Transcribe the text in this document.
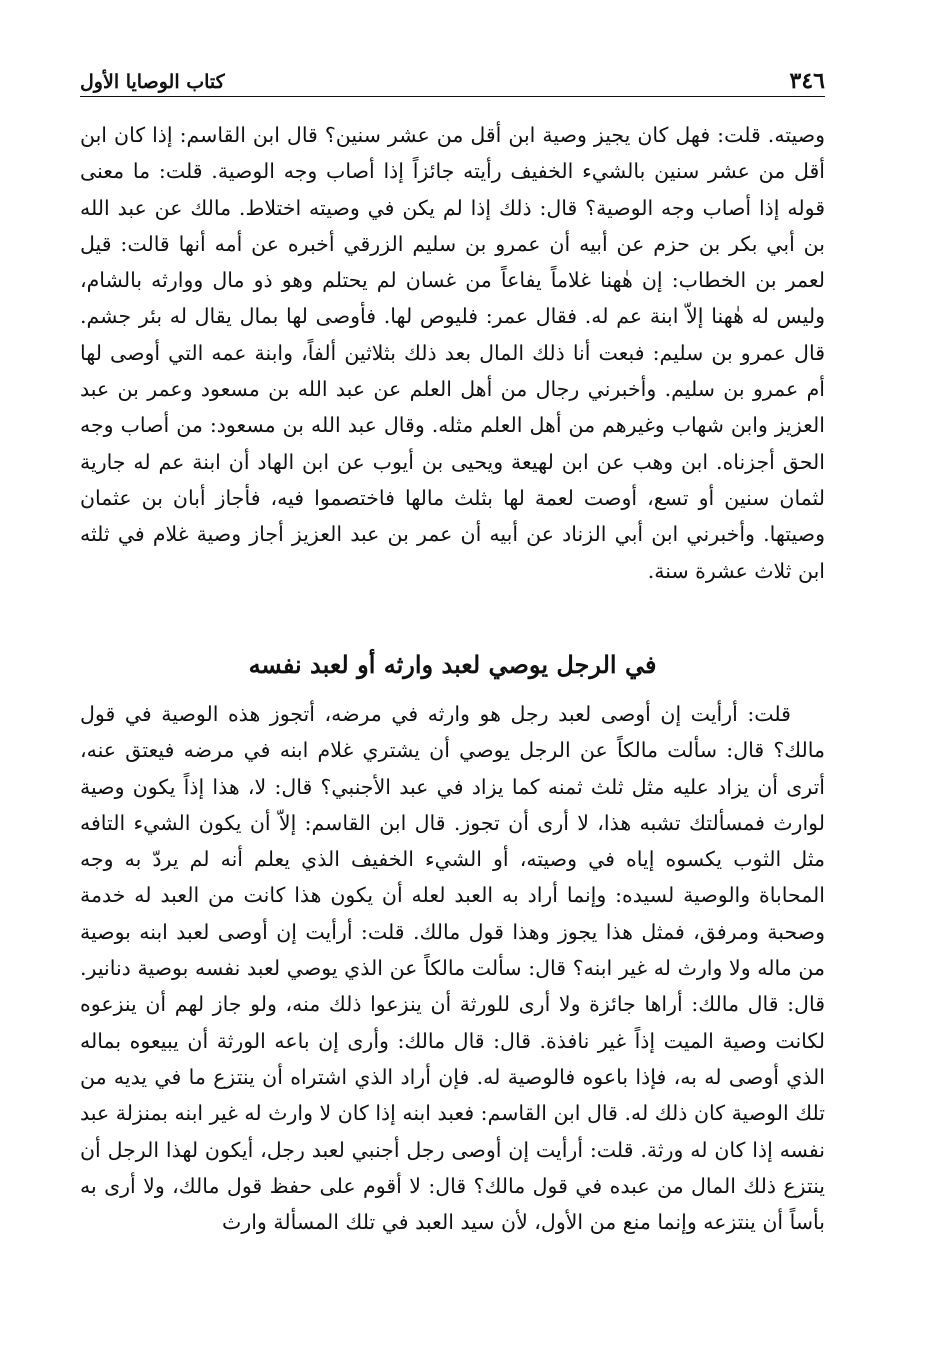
٣٤٦
كتاب الوصايا الأول

وصيته. قلت: فهل كان يجيز وصية ابن أقل من عشر سنين؟ قال ابن القاسم: إذا كان ابن أقل من عشر سنين بالشيء الخفيف رأيته جائزاً إذا أصاب وجه الوصية. قلت: ما معنى قوله إذا أصاب وجه الوصية؟ قال: ذلك إذا لم يكن في وصيته اختلاط. مالك عن عبد الله بن أبي بكر بن حزم عن أبيه أن عمرو بن سليم الزرقي أخبره عن أمه أنها قالت: قيل لعمر بن الخطاب: إن هٰهنا غلاماً يفاعاً من غسان لم يحتلم وهو ذو مال ووارثه بالشام، وليس له هٰهنا إلاّ ابنة عم له. فقال عمر: فليوص لها. فأوصى لها بمال يقال له بئر جشم. قال عمرو بن سليم: فبعت أنا ذلك المال بعد ذلك بثلاثين ألفاً، وابنة عمه التي أوصى لها أم عمرو بن سليم. وأخبرني رجال من أهل العلم عن عبد الله بن مسعود وعمر بن عبد العزيز وابن شهاب وغيرهم من أهل العلم مثله. وقال عبد الله بن مسعود: من أصاب وجه الحق أجزناه. ابن وهب عن ابن لهيعة ويحيى بن أيوب عن ابن الهاد أن ابنة عم له جارية لثمان سنين أو تسع، أوصت لعمة لها بثلث مالها فاختصموا فيه، فأجاز أبان بن عثمان وصيتها. وأخبرني ابن أبي الزناد عن أبيه أن عمر بن عبد العزيز أجاز وصية غلام في ثلثه ابن ثلاث عشرة سنة.

في الرجل يوصي لعبد وارثه أو لعبد نفسه

قلت: أرأيت إن أوصى لعبد رجل هو وارثه في مرضه، أتجوز هذه الوصية في قول مالك؟ قال: سألت مالكاً عن الرجل يوصي أن يشتري غلام ابنه في مرضه فيعتق عنه، أترى أن يزاد عليه مثل ثلث ثمنه كما يزاد في عبد الأجنبي؟ قال: لا، هذا إذاً يكون وصية لوارث فمسألتك تشبه هذا، لا أرى أن تجوز. قال ابن القاسم: إلاّ أن يكون الشيء التافه مثل الثوب يكسوه إياه في وصيته، أو الشيء الخفيف الذي يعلم أنه لم يردّ به وجه المحاباة والوصية لسيده: وإنما أراد به العبد لعله أن يكون هذا كانت من العبد له خدمة وصحبة ومرفق، فمثل هذا يجوز وهذا قول مالك. قلت: أرأيت إن أوصى لعبد ابنه بوصية من ماله ولا وارث له غير ابنه؟ قال: سألت مالكاً عن الذي يوصي لعبد نفسه بوصية دنانير. قال: قال مالك: أراها جائزة ولا أرى للورثة أن ينزعوا ذلك منه، ولو جاز لهم أن ينزعوه لكانت وصية الميت إذاً غير نافذة. قال: قال مالك: وأرى إن باعه الورثة أن يبيعوه بماله الذي أوصى له به، فإذا باعوه فالوصية له. فإن أراد الذي اشتراه أن ينتزع ما في يديه من تلك الوصية كان ذلك له. قال ابن القاسم: فعبد ابنه إذا كان لا وارث له غير ابنه بمنزلة عبد نفسه إذا كان له ورثة. قلت: أرأيت إن أوصى رجل أجنبي لعبد رجل، أيكون لهذا الرجل أن ينتزع ذلك المال من عبده في قول مالك؟ قال: لا أقوم على حفظ قول مالك، ولا أرى به بأساً أن ينتزعه وإنما منع من الأول، لأن سيد العبد في تلك المسألة وارث
